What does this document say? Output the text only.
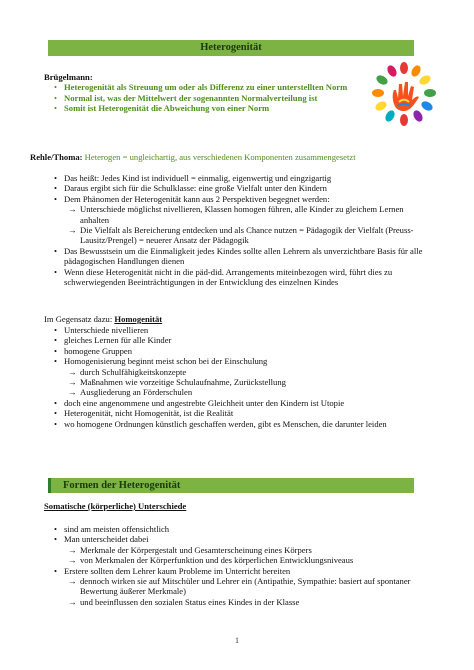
Heterogenität
Brügelmann:
• Heterogenität als Streuung um oder als Differenz zu einer unterstellten Norm
• Normal ist, was der Mittelwert der sogenannten Normalverteilung ist
• Somit ist Heterogenität die Abweichung von einer Norm
Rehle/Thoma: Heterogen = ungleichartig, aus verschiedenen Komponenten zusammengesetzt
• Das heißt: Jedes Kind ist individuell = einmalig, eigenwertig und eingzigartig
• Daraus ergibt sich für die Schulklasse: eine große Vielfalt unter den Kindern
• Dem Phänomen der Heterogenität kann aus 2 Perspektiven begegnet werden:
→ Unterschiede möglichst nivellieren, Klassen homogen führen, alle Kinder zu gleichem Lernen anhalten
→ Die Vielfalt als Bereicherung entdecken und als Chance nutzen = Pädagogik der Vielfalt (Preuss-Lausitz/Prengel) = neuerer Ansatz der Pädagogik
• Das Bewusstsein um die Einmaligkeit jedes Kindes sollte allen Lehrern als unverzichtbare Basis für alle pädagogischen Handlungen dienen
• Wenn diese Heterogenität nicht in die päd-did. Arrangements miteinbezogen wird, führt dies zu schwerwiegenden Beeinträchtigungen in der Entwicklung des einzelnen Kindes
Im Gegensatz dazu: Homogenität
• Unterschiede nivellieren
• gleiches Lernen für alle Kinder
• homogene Gruppen
• Homogenisierung beginnt meist schon bei der Einschulung
→ durch Schulfähigkeitskonzepte
→ Maßnahmen wie vorzeitige Schulaufnahme, Zurückstellung
→ Ausgliederung an Förderschulen
• doch eine angenommene und angestrebte Gleichheit unter den Kindern ist Utopie
• Heterogenität, nicht Homogenität, ist die Realität
• wo homogene Ordnungen künstlich geschaffen werden, gibt es Menschen, die darunter leiden
Formen der Heterogenität
Somatische (körperliche) Unterschiede
• sind am meisten offensichtlich
• Man unterscheidet dabei
→ Merkmale der Körpergestalt und Gesamterscheinung eines Körpers
→ von Merkmalen der Körperfunktion und des körperlichen Entwicklungsniveaus
• Erstere sollten dem Lehrer kaum Probleme im Unterricht bereiten
→ dennoch wirken sie auf Mitschüler und Lehrer ein (Antipathie, Sympathie: basiert auf spontaner Bewertung äußerer Merkmale)
→ und beeinflussen den sozialen Status eines Kindes in der Klasse
1
